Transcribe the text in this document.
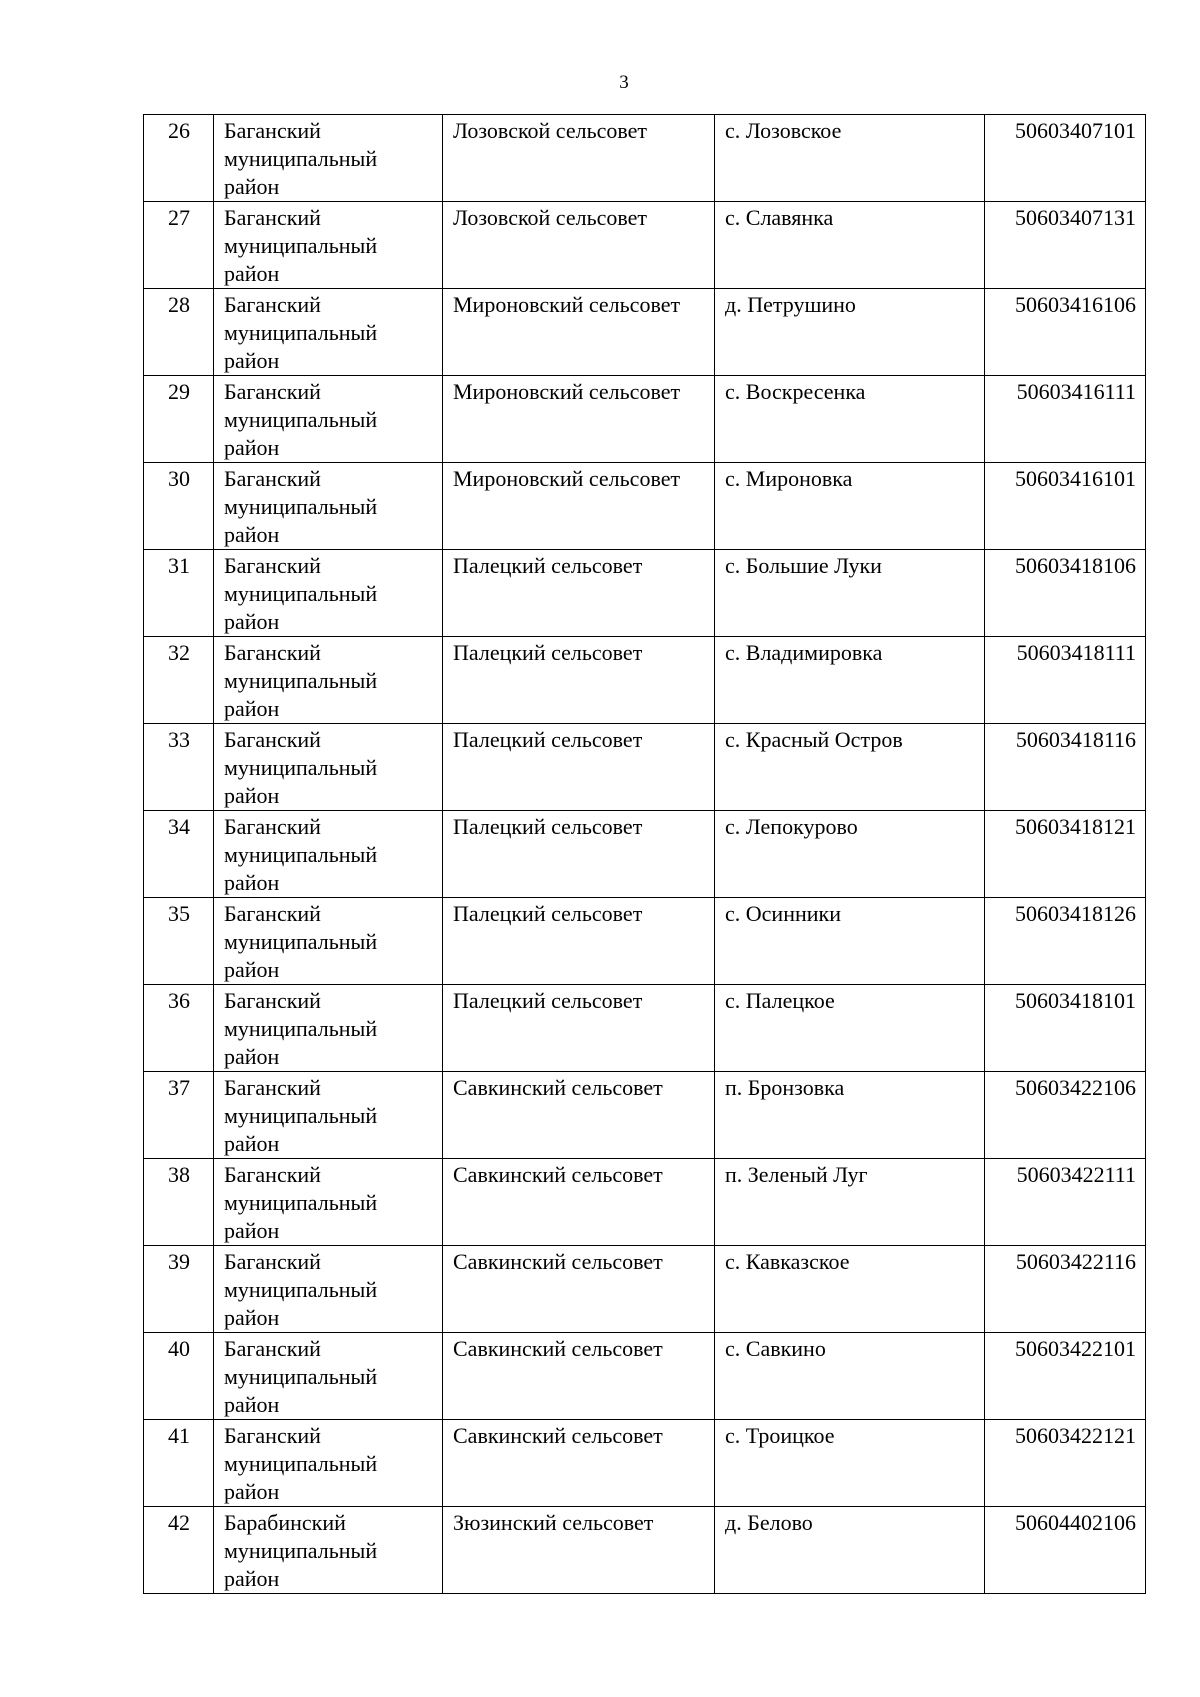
3
26	Баганский
муниципальный
район	Лозовской сельсовет	с. Лозовское	50603407101
27	Баганский
муниципальный
район	Лозовской сельсовет	с. Славянка	50603407131
28	Баганский
муниципальный
район	Мироновский сельсовет	д. Петрушино	50603416106
29	Баганский
муниципальный
район	Мироновский сельсовет	с. Воскресенка	50603416111
30	Баганский
муниципальный
район	Мироновский сельсовет	с. Мироновка	50603416101
31	Баганский
муниципальный
район	Палецкий сельсовет	с. Большие Луки	50603418106
32	Баганский
муниципальный
район	Палецкий сельсовет	с. Владимировка	50603418111
33	Баганский
муниципальный
район	Палецкий сельсовет	с. Красный Остров	50603418116
34	Баганский
муниципальный
район	Палецкий сельсовет	с. Лепокурово	50603418121
35	Баганский
муниципальный
район	Палецкий сельсовет	с. Осинники	50603418126
36	Баганский
муниципальный
район	Палецкий сельсовет	с. Палецкое	50603418101
37	Баганский
муниципальный
район	Савкинский сельсовет	п. Бронзовка	50603422106
38	Баганский
муниципальный
район	Савкинский сельсовет	п. Зеленый Луг	50603422111
39	Баганский
муниципальный
район	Савкинский сельсовет	с. Кавказское	50603422116
40	Баганский
муниципальный
район	Савкинский сельсовет	с. Савкино	50603422101
41	Баганский
муниципальный
район	Савкинский сельсовет	с. Троицкое	50603422121
42	Барабинский
муниципальный
район	Зюзинский сельсовет	д. Белово	50604402106
